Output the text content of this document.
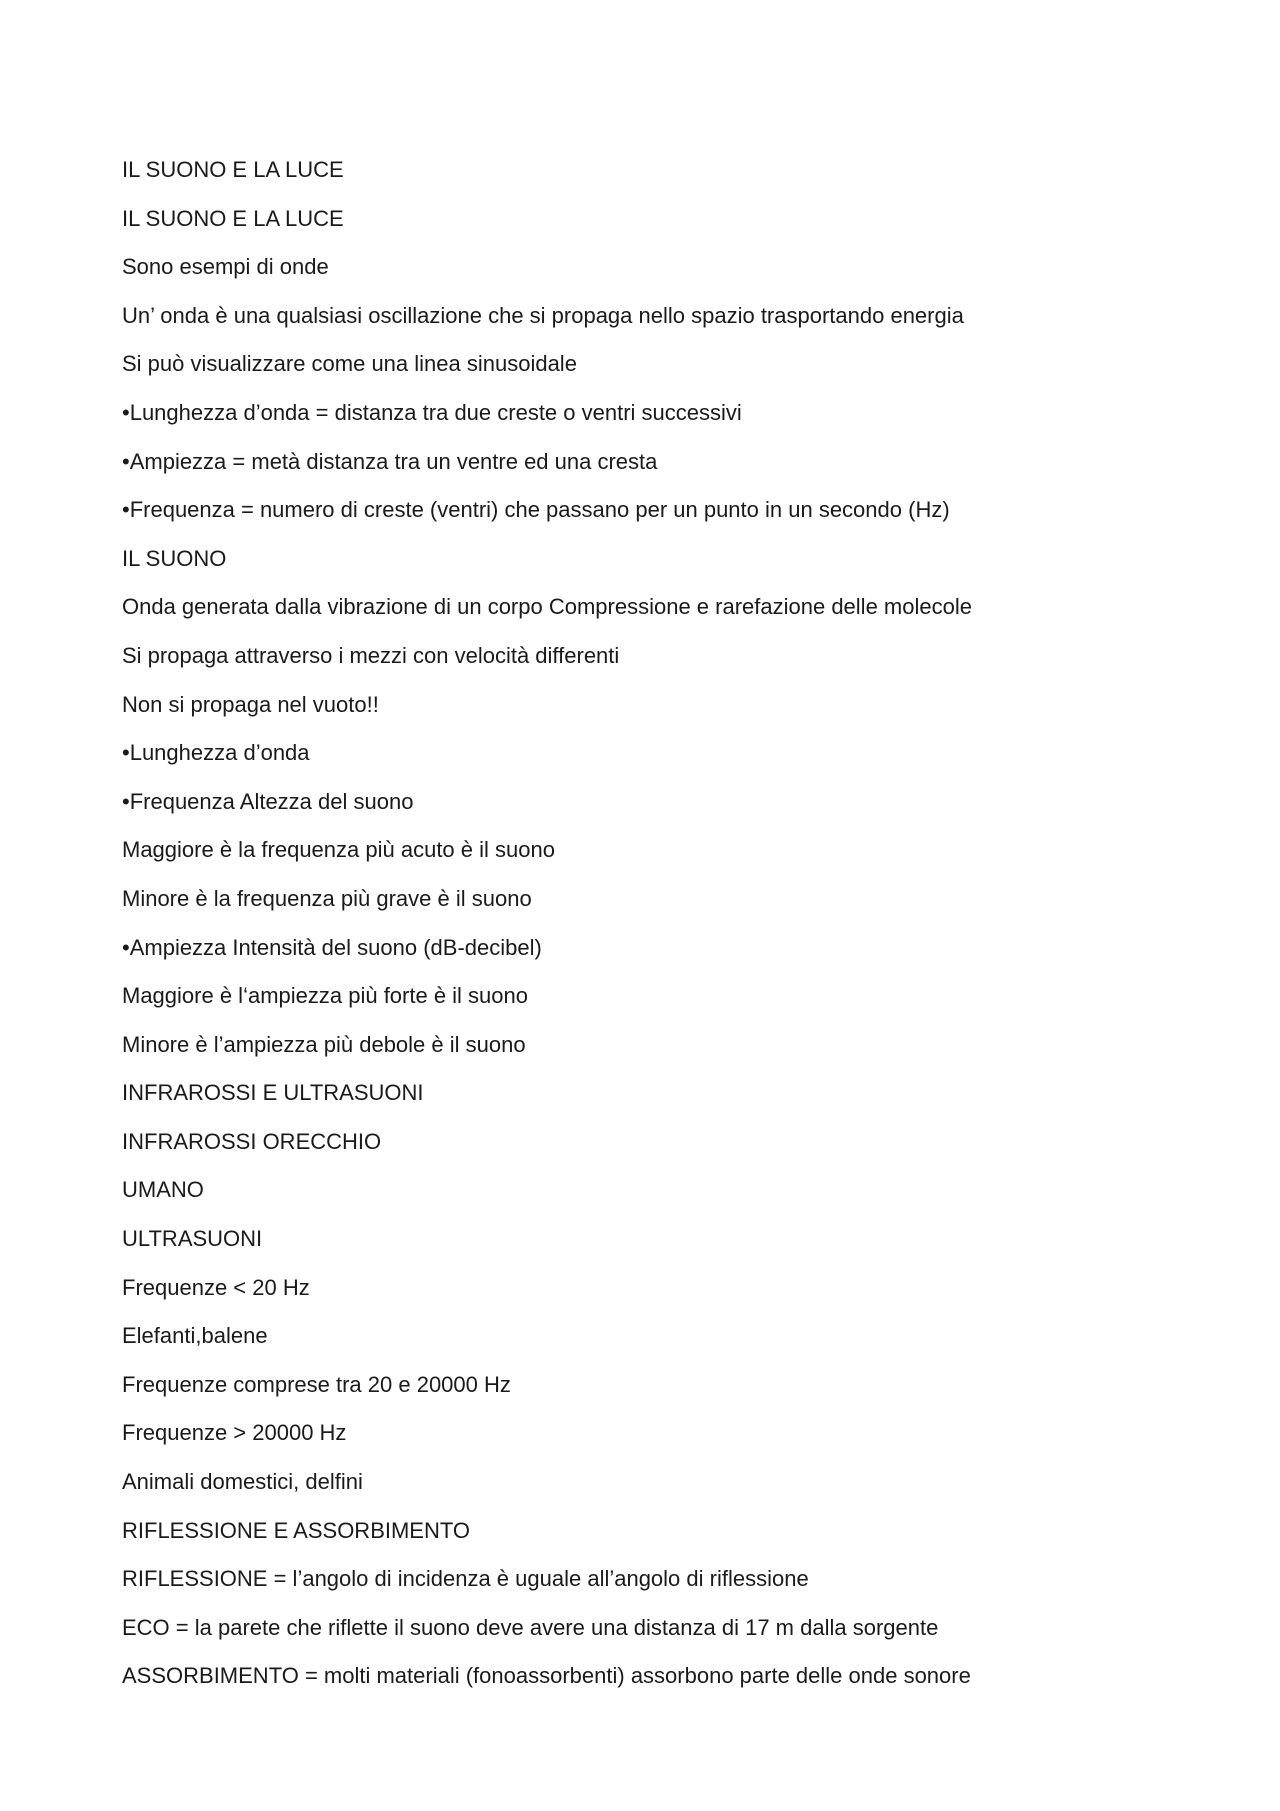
IL SUONO E LA LUCE
IL SUONO E LA LUCE
Sono esempi di onde
Un’ onda è una qualsiasi oscillazione che si propaga nello spazio trasportando energia
Si può visualizzare come una linea sinusoidale
•Lunghezza d’onda = distanza tra due creste o ventri successivi
•Ampiezza = metà distanza tra un ventre ed una cresta
•Frequenza = numero di creste (ventri) che passano per un punto in un secondo (Hz)
IL SUONO
Onda generata dalla vibrazione di un corpo Compressione e rarefazione delle molecole
Si propaga attraverso i mezzi con velocità differenti
Non si propaga nel vuoto!!
•Lunghezza d’onda
•Frequenza Altezza del suono
Maggiore è la frequenza più acuto è il suono
Minore è la frequenza più grave è il suono
•Ampiezza Intensità del suono (dB-decibel)
Maggiore è l‘ampiezza più forte è il suono
Minore è l’ampiezza più debole è il suono
INFRAROSSI E ULTRASUONI
INFRAROSSI ORECCHIO
UMANO
ULTRASUONI
Frequenze < 20 Hz
Elefanti,balene
Frequenze comprese tra 20 e 20000 Hz
Frequenze > 20000 Hz
Animali domestici, delfini
RIFLESSIONE E ASSORBIMENTO
RIFLESSIONE = l’angolo di incidenza è uguale all’angolo di riflessione
ECO = la parete che riflette il suono deve avere una distanza di 17 m dalla sorgente
ASSORBIMENTO = molti materiali (fonoassorbenti) assorbono parte delle onde sonore
